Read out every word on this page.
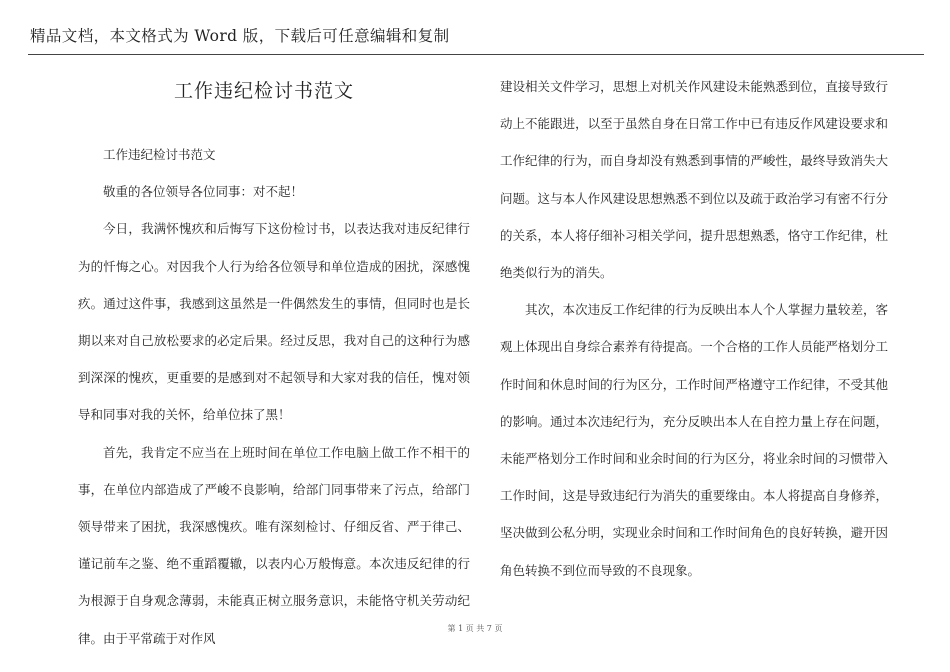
精品文档，本文格式为 Word 版，下载后可任意编辑和复制
工作违纪检讨书范文

工作违纪检讨书范文

敬重的各位领导各位同事：对不起！

今日，我满怀愧疚和后悔写下这份检讨书，以表达我对违反纪律行为的忏悔之心。对因我个人行为给各位领导和单位造成的困扰，深感愧疚。通过这件事，我感到这虽然是一件偶然发生的事情，但同时也是长期以来对自己放松要求的必定后果。经过反思，我对自己的这种行为感到深深的愧疚，更重要的是感到对不起领导和大家对我的信任，愧对领导和同事对我的关怀，给单位抹了黑！

首先，我肯定不应当在上班时间在单位工作电脑上做工作不相干的事，在单位内部造成了严峻不良影响，给部门同事带来了污点，给部门领导带来了困扰，我深感愧疚。唯有深刻检讨、仔细反省、严于律己、谨记前车之鉴、绝不重蹈覆辙，以表内心万般悔意。本次违反纪律的行为根源于自身观念薄弱，未能真正树立服务意识，未能恪守机关劳动纪律。由于平常疏于对作风

建设相关文件学习，思想上对机关作风建设未能熟悉到位，直接导致行动上不能跟进，以至于虽然自身在日常工作中已有违反作风建设要求和工作纪律的行为，而自身却没有熟悉到事情的严峻性，最终导致消失大问题。这与本人作风建设思想熟悉不到位以及疏于政治学习有密不行分的关系，本人将仔细补习相关学问，提升思想熟悉，恪守工作纪律，杜绝类似行为的消失。

其次，本次违反工作纪律的行为反映出本人个人掌握力量较差，客观上体现出自身综合素养有待提高。一个合格的工作人员能严格划分工作时间和休息时间的行为区分，工作时间严格遵守工作纪律，不受其他的影响。通过本次违纪行为，充分反映出本人在自控力量上存在问题，未能严格划分工作时间和业余时间的行为区分，将业余时间的习惯带入工作时间，这是导致违纪行为消失的重要缘由。本人将提高自身修养，坚决做到公私分明，实现业余时间和工作时间角色的良好转换，避开因角色转换不到位而导致的不良现象。

第 1 页 共 7 页
